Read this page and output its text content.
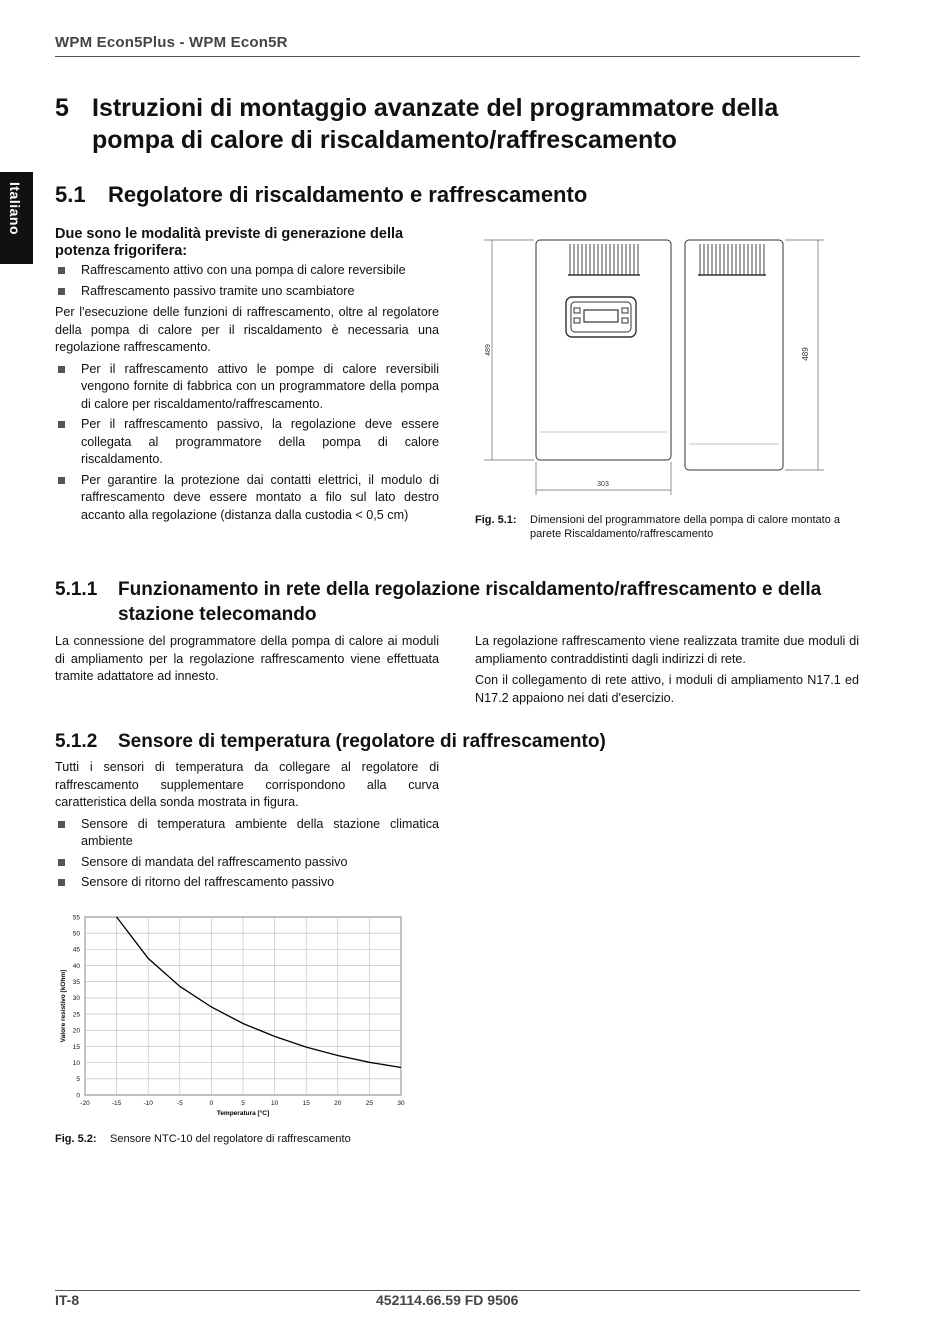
WPM Econ5Plus - WPM Econ5R
Italiano
5 Istruzioni di montaggio avanzate del programmatore della pompa di calore di riscaldamento/raffrescamento
5.1 Regolatore di riscaldamento e raffrescamento

Due sono le modalità previste di generazione della potenza frigorifera:

Raffrescamento attivo con una pompa di calore reversibile
Raffrescamento passivo tramite uno scambiatore

Per l'esecuzione delle funzioni di raffrescamento, oltre al regolatore della pompa di calore per il riscaldamento è necessaria una regolazione raffrescamento.

Per il raffrescamento attivo le pompe di calore reversibili vengono fornite di fabbrica con un programmatore della pompa di calore per riscaldamento/raffrescamento.
Per il raffrescamento passivo, la regolazione deve essere collegata al programmatore della pompa di calore riscaldamento.
Per garantire la protezione dai contatti elettrici, il modulo di raffrescamento deve essere montato a filo sul lato destro accanto alla regolazione (distanza dalla custodia < 0,5 cm)
489	489
303
Fig. 5.1: Dimensioni del programmatore della pompa di calore montato a parete Riscaldamento/raffrescamento
5.1.1 Funzionamento in rete della regolazione riscaldamento/raffrescamento e della stazione telecomando

La connessione del programmatore della pompa di calore ai moduli di ampliamento per la regolazione raffrescamento viene effettuata tramite adattatore ad innesto.

La regolazione raffrescamento viene realizzata tramite due moduli di ampliamento contraddistinti dagli indirizzi di rete.

Con il collegamento di rete attivo, i moduli di ampliamento N17.1 ed N17.2 appaiono nei dati d'esercizio.

5.1.2 Sensore di temperatura (regolatore di raffrescamento)

Tutti i sensori di temperatura da collegare al regolatore di raffrescamento supplementare corrispondono alla curva caratteristica della sonda mostrata in figura.

Sensore di temperatura ambiente della stazione climatica ambiente
Sensore di mandata del raffrescamento passivo
Sensore di ritorno del raffrescamento passivo
-20	-15	-10	-5	0	5	10	15	20	25	30
0
5
10
15
20
25
30
35
40
45
50
55
Temperatura [°C]
Valore resistivo [kOhm]
Fig. 5.2: Sensore NTC-10 del regolatore di raffrescamento
IT-8	452114.66.59 FD 9506
